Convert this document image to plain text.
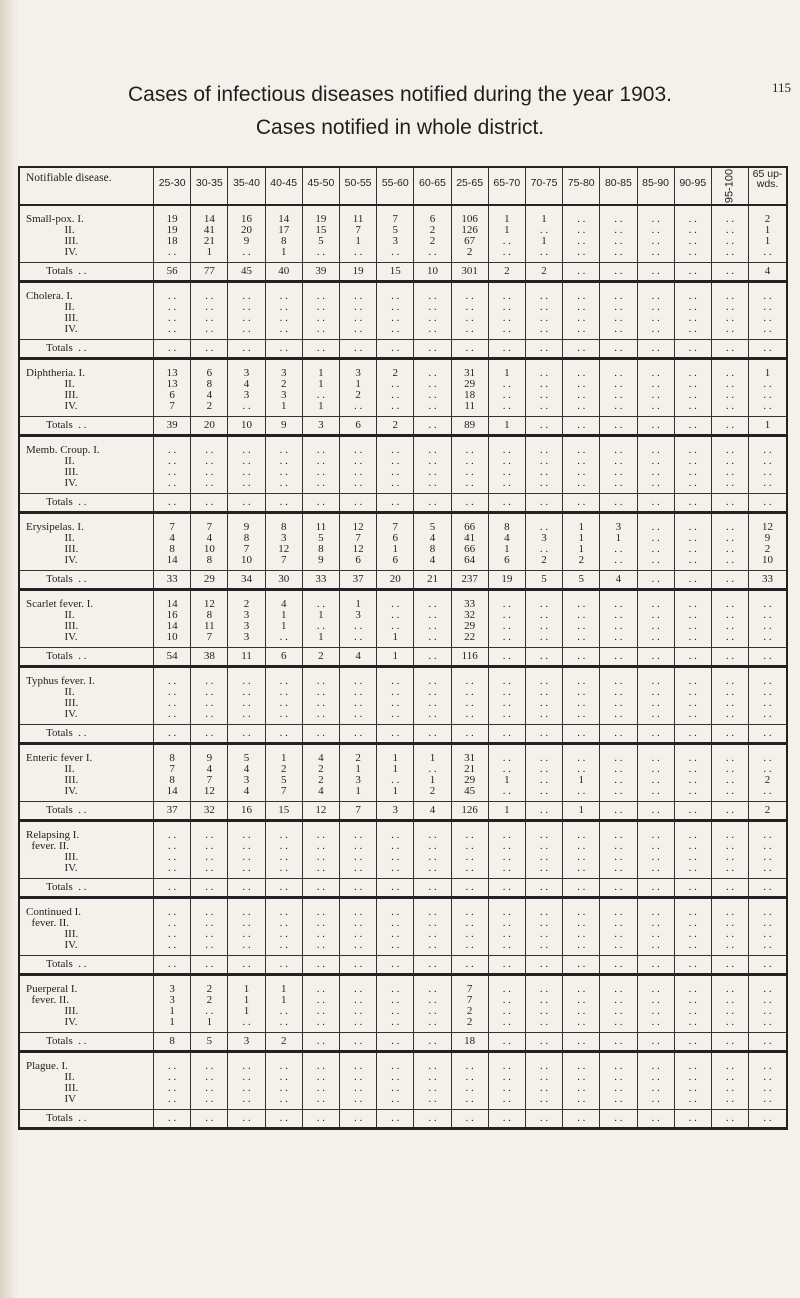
115
Cases of infectious diseases notified during the year 1903.
Cases notified in whole district.
Notifiable disease.	25-30	30-35	35-40	40-45	45-50	50-55	55-60	60-65	25-65	65-70	70-75	75-80	80-85	85-90	90-95	95-100	65 up-wds.
Small-pox. I.	19	14	16	14	19	11	7	6	106	1	1	. .	. .	. .	. .	. .	2
II.	19	41	20	17	15	7	5	2	126	1	. .	. .	. .	. .	. .	. .	1
III.	18	21	9	8	5	1	3	2	67	. .	1	. .	. .	. .	. .	. .	1
IV.	. .	1	. .	1	. .	. .	. .	. .	2	. .	. .	. .	. .	. .	. .	. .	. .
Totals  . .	56	77	45	40	39	19	15	10	301	2	2	. .	. .	. .	. .	. .	4
Cholera. I.	. .	. .	. .	. .	. .	. .	. .	. .	. .	. .	. .	. .	. .	. .	. .	. .	. .
II.	. .	. .	. .	. .	. .	. .	. .	. .	. .	. .	. .	. .	. .	. .	. .	. .	. .
III.	. .	. .	. .	. .	. .	. .	. .	. .	. .	. .	. .	. .	. .	. .	. .	. .	. .
IV.	. .	. .	. .	. .	. .	. .	. .	. .	. .	. .	. .	. .	. .	. .	. .	. .	. .
Totals  . .	. .	. .	. .	. .	. .	. .	. .	. .	. .	. .	. .	. .	. .	. .	. .	. .	. .
Diphtheria. I.	13	6	3	3	1	3	2	. .	31	1	. .	. .	. .	. .	. .	. .	1
II.	13	8	4	2	1	1	. .	. .	29	. .	. .	. .	. .	. .	. .	. .	. .
III.	6	4	3	3	. .	2	. .	. .	18	. .	. .	. .	. .	. .	. .	. .	. .
IV.	7	2	. .	1	1	. .	. .	. .	11	. .	. .	. .	. .	. .	. .	. .	. .
Totals  . .	39	20	10	9	3	6	2	. .	89	1	. .	. .	. .	. .	. .	. .	1
Memb. Croup. I.	. .	. .	. .	. .	. .	. .	. .	. .	. .	. .	. .	. .	. .	. .	. .	. .	. .
II.	. .	. .	. .	. .	. .	. .	. .	. .	. .	. .	. .	. .	. .	. .	. .	. .	. .
III.	. .	. .	. .	. .	. .	. .	. .	. .	. .	. .	. .	. .	. .	. .	. .	. .	. .
IV.	. .	. .	. .	. .	. .	. .	. .	. .	. .	. .	. .	. .	. .	. .	. .	. .	. .
Totals  . .	. .	. .	. .	. .	. .	. .	. .	. .	. .	. .	. .	. .	. .	. .	. .	. .	. .
Erysipelas. I.	7	7	9	8	11	12	7	5	66	8	. .	1	3	. .	. .	. .	12
II.	4	4	8	3	5	7	6	4	41	4	3	1	1	. .	. .	. .	9
III.	8	10	7	12	8	12	1	8	66	1	. .	1	. .	. .	. .	. .	2
IV.	14	8	10	7	9	6	6	4	64	6	2	2	. .	. .	. .	. .	10
Totals  . .	33	29	34	30	33	37	20	21	237	19	5	5	4	. .	. .	. .	33
Scarlet fever. I.	14	12	2	4	. .	1	. .	. .	33	. .	. .	. .	. .	. .	. .	. .	. .
II.	16	8	3	1	1	3	. .	. .	32	. .	. .	. .	. .	. .	. .	. .	. .
III.	14	11	3	1	. .	. .	. .	. .	29	. .	. .	. .	. .	. .	. .	. .	. .
IV.	10	7	3	. .	1	. .	1	. .	22	. .	. .	. .	. .	. .	. .	. .	. .
Totals  . .	54	38	11	6	2	4	1	. .	116	. .	. .	. .	. .	. .	. .	. .	. .
Typhus fever. I.	. .	. .	. .	. .	. .	. .	. .	. .	. .	. .	. .	. .	. .	. .	. .	. .	. .
II.	. .	. .	. .	. .	. .	. .	. .	. .	. .	. .	. .	. .	. .	. .	. .	. .	. .
III.	. .	. .	. .	. .	. .	. .	. .	. .	. .	. .	. .	. .	. .	. .	. .	. .	. .
IV.	. .	. .	. .	. .	. .	. .	. .	. .	. .	. .	. .	. .	. .	. .	. .	. .	. .
Totals  . .	. .	. .	. .	. .	. .	. .	. .	. .	. .	. .	. .	. .	. .	. .	. .	. .	. .
Enteric fever I.	8	9	5	1	4	2	1	1	31	. .	. .	. .	. .	. .	. .	. .	. .
II.	7	4	4	2	2	1	1	. .	21	. .	. .	. .	. .	. .	. .	. .	. .
III.	8	7	3	5	2	3	. .	1	29	1	. .	1	. .	. .	. .	. .	2
IV.	14	12	4	7	4	1	1	2	45	. .	. .	. .	. .	. .	. .	. .	. .
Totals  . .	37	32	16	15	12	7	3	4	126	1	. .	1	. .	. .	. .	. .	2
Relapsing I.	. .	. .	. .	. .	. .	. .	. .	. .	. .	. .	. .	. .	. .	. .	. .	. .	. .
fever. II.	. .	. .	. .	. .	. .	. .	. .	. .	. .	. .	. .	. .	. .	. .	. .	. .	. .
III.	. .	. .	. .	. .	. .	. .	. .	. .	. .	. .	. .	. .	. .	. .	. .	. .	. .
IV.	. .	. .	. .	. .	. .	. .	. .	. .	. .	. .	. .	. .	. .	. .	. .	. .	. .
Totals  . .	. .	. .	. .	. .	. .	. .	. .	. .	. .	. .	. .	. .	. .	. .	. .	. .	. .
Continued I.	. .	. .	. .	. .	. .	. .	. .	. .	. .	. .	. .	. .	. .	. .	. .	. .	. .
fever. II.	. .	. .	. .	. .	. .	. .	. .	. .	. .	. .	. .	. .	. .	. .	. .	. .	. .
III.	. .	. .	. .	. .	. .	. .	. .	. .	. .	. .	. .	. .	. .	. .	. .	. .	. .
IV.	. .	. .	. .	. .	. .	. .	. .	. .	. .	. .	. .	. .	. .	. .	. .	. .	. .
Totals  . .	. .	. .	. .	. .	. .	. .	. .	. .	. .	. .	. .	. .	. .	. .	. .	. .	. .
Puerperal I.	3	2	1	1	. .	. .	. .	. .	7	. .	. .	. .	. .	. .	. .	. .	. .
fever. II.	3	2	1	1	. .	. .	. .	. .	7	. .	. .	. .	. .	. .	. .	. .	. .
III.	1	. .	1	. .	. .	. .	. .	. .	2	. .	. .	. .	. .	. .	. .	. .	. .
IV.	1	1	. .	. .	. .	. .	. .	. .	2	. .	. .	. .	. .	. .	. .	. .	. .
Totals  . .	8	5	3	2	. .	. .	. .	. .	18	. .	. .	. .	. .	. .	. .	. .	. .
Plague. I.	. .	. .	. .	. .	. .	. .	. .	. .	. .	. .	. .	. .	. .	. .	. .	. .	. .
II.	. .	. .	. .	. .	. .	. .	. .	. .	. .	. .	. .	. .	. .	. .	. .	. .	. .
III.	. .	. .	. .	. .	. .	. .	. .	. .	. .	. .	. .	. .	. .	. .	. .	. .	. .
IV	. .	. .	. .	. .	. .	. .	. .	. .	. .	. .	. .	. .	. .	. .	. .	. .	. .
Totals  . .	. .	. .	. .	. .	. .	. .	. .	. .	. .	. .	. .	. .	. .	. .	. .	. .	. .
